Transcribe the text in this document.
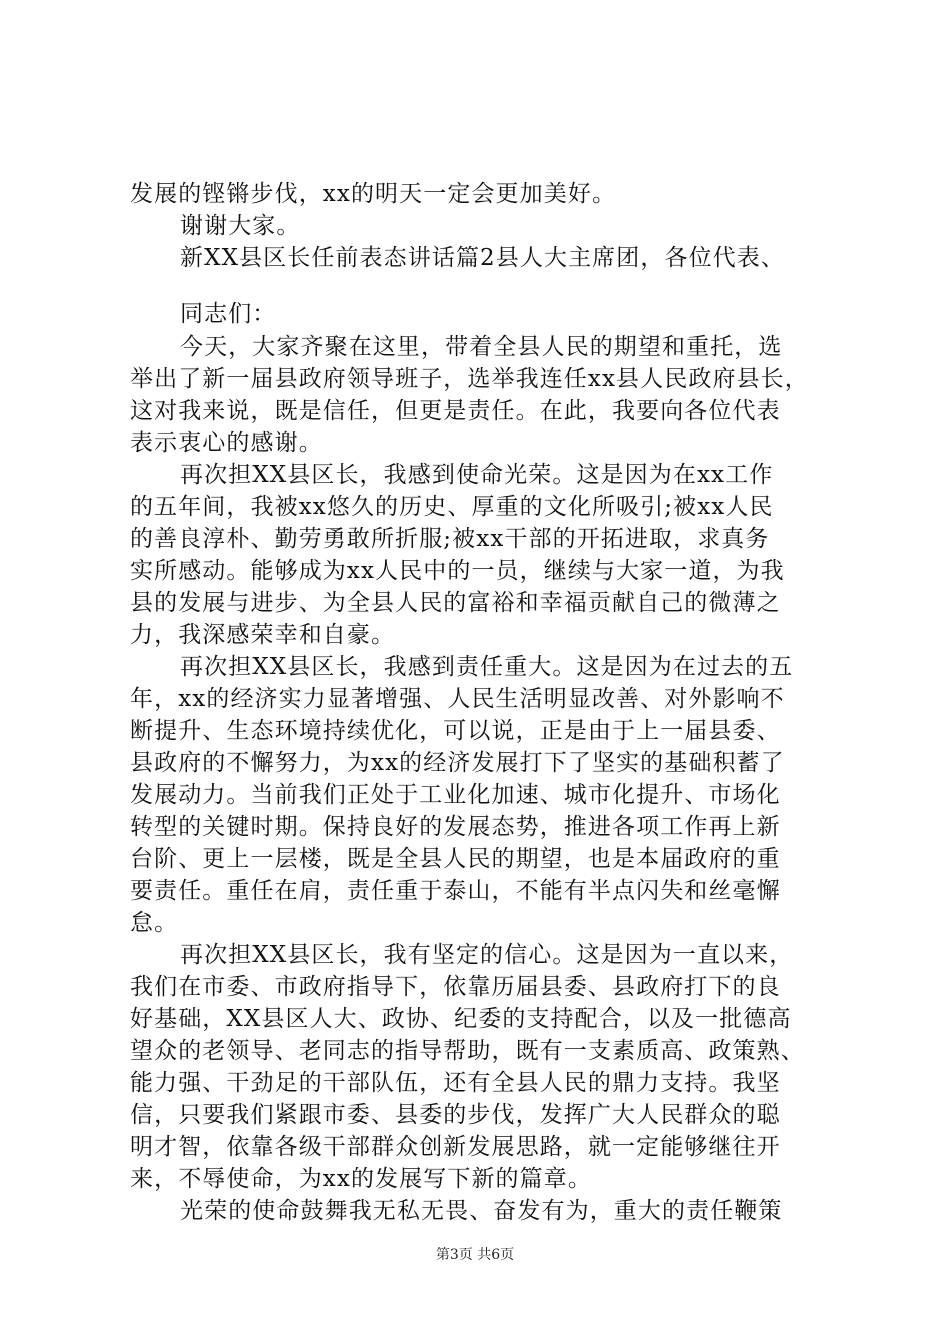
发展的铿锵步伐，xx的明天一定会更加美好。
谢谢大家。
新XX县区长任前表态讲话篇2县人大主席团，各位代表、
同志们：
今天，大家齐聚在这里，带着全县人民的期望和重托，选
举出了新一届县政府领导班子，选举我连任xx县人民政府县长，
这对我来说，既是信任，但更是责任。在此，我要向各位代表
表示衷心的感谢。
再次担XX县区长，我感到使命光荣。这是因为在xx工作
的五年间，我被xx悠久的历史、厚重的文化所吸引;被xx人民
的善良淳朴、勤劳勇敢所折服;被xx干部的开拓进取，求真务
实所感动。能够成为xx人民中的一员，继续与大家一道，为我
县的发展与进步、为全县人民的富裕和幸福贡献自己的微薄之
力，我深感荣幸和自豪。
再次担XX县区长，我感到责任重大。这是因为在过去的五
年，xx的经济实力显著增强、人民生活明显改善、对外影响不
断提升、生态环境持续优化，可以说，正是由于上一届县委、
县政府的不懈努力，为xx的经济发展打下了坚实的基础积蓄了
发展动力。当前我们正处于工业化加速、城市化提升、市场化
转型的关键时期。保持良好的发展态势，推进各项工作再上新
台阶、更上一层楼，既是全县人民的期望，也是本届政府的重
要责任。重任在肩，责任重于泰山，不能有半点闪失和丝毫懈
怠。
再次担XX县区长，我有坚定的信心。这是因为一直以来，
我们在市委、市政府指导下，依靠历届县委、县政府打下的良
好基础，XX县区人大、政协、纪委的支持配合，以及一批德高
望众的老领导、老同志的指导帮助，既有一支素质高、政策熟、
能力强、干劲足的干部队伍，还有全县人民的鼎力支持。我坚
信，只要我们紧跟市委、县委的步伐，发挥广大人民群众的聪
明才智，依靠各级干部群众创新发展思路，就一定能够继往开
来，不辱使命，为xx的发展写下新的篇章。
光荣的使命鼓舞我无私无畏、奋发有为，重大的责任鞭策
第3页 共6页
